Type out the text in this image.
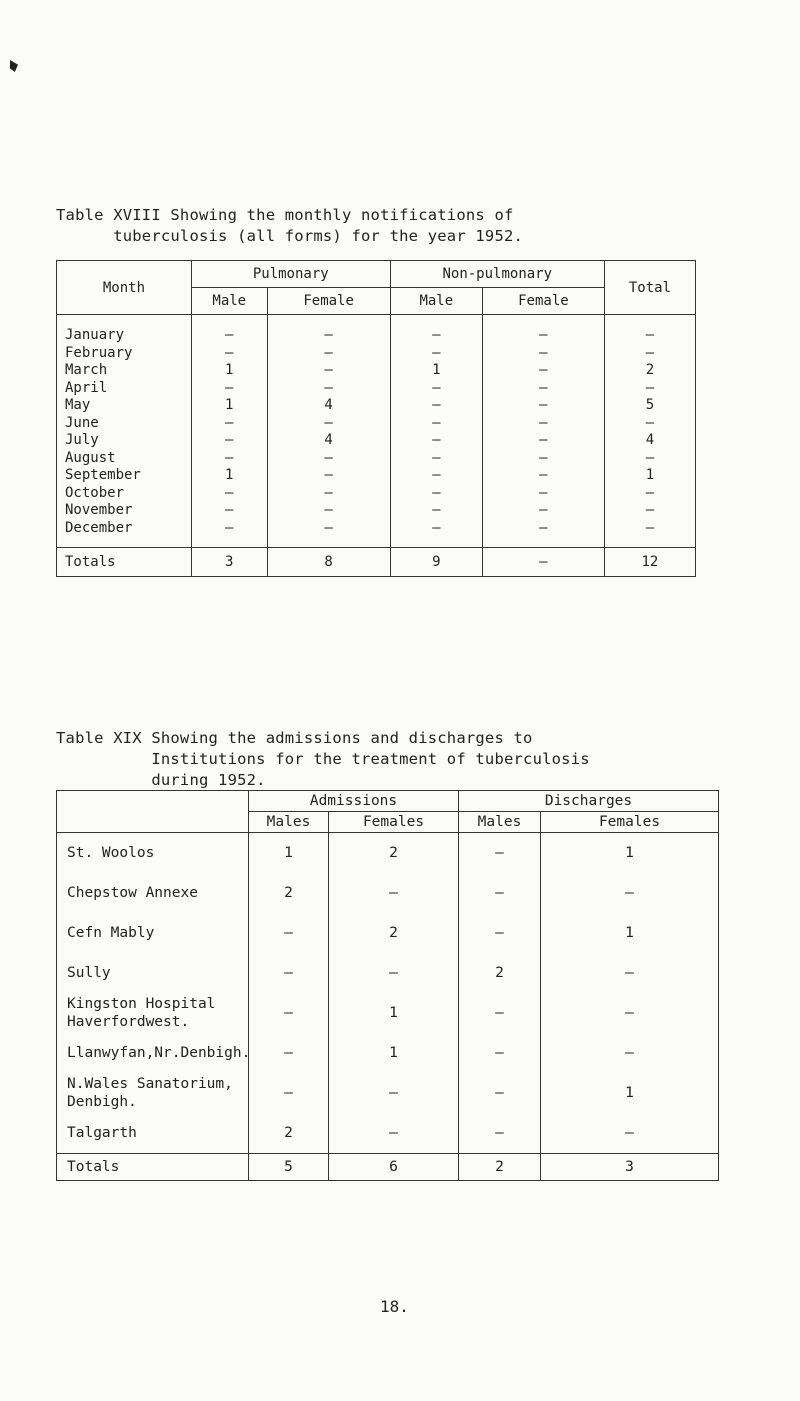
Table XVIII Showing the monthly notifications of
tuberculosis (all forms) for the year 1952.
Month	Pulmonary		Non-pulmonary		Total
	Male	Female	Male	Female	
January	–	–	–	–	–
February	–	–	–	–	–
March	1	–	1	–	2
April	–	–	–	–	–
May	1	4	–	–	5
June	–	–	–	–	–
July	–	4	–	–	4
August	–	–	–	–	–
September	1	–	–	–	1
October	–	–	–	–	–
November	–	–	–	–	–
December	–	–	–	–	–
Totals	3	8	9	–	12
Table XIX Showing the admissions and discharges to
Institutions for the treatment of tuberculosis
during 1952.
	Admissions		Discharges	
	Males	Females	Males	Females
St. Woolos	1	2	–	1
Chepstow Annexe	2	–	–	–
Cefn Mably	–	2	–	1
Sully	–	–	2	–
Kingston Hospital
Haverfordwest.	–	1	–	–
Llanwyfan,Nr.Denbigh.	–	1	–	–
N.Wales Sanatorium,
Denbigh.	–	–	–	1
Talgarth	2	–	–	–
Totals	5	6	2	3
18.
